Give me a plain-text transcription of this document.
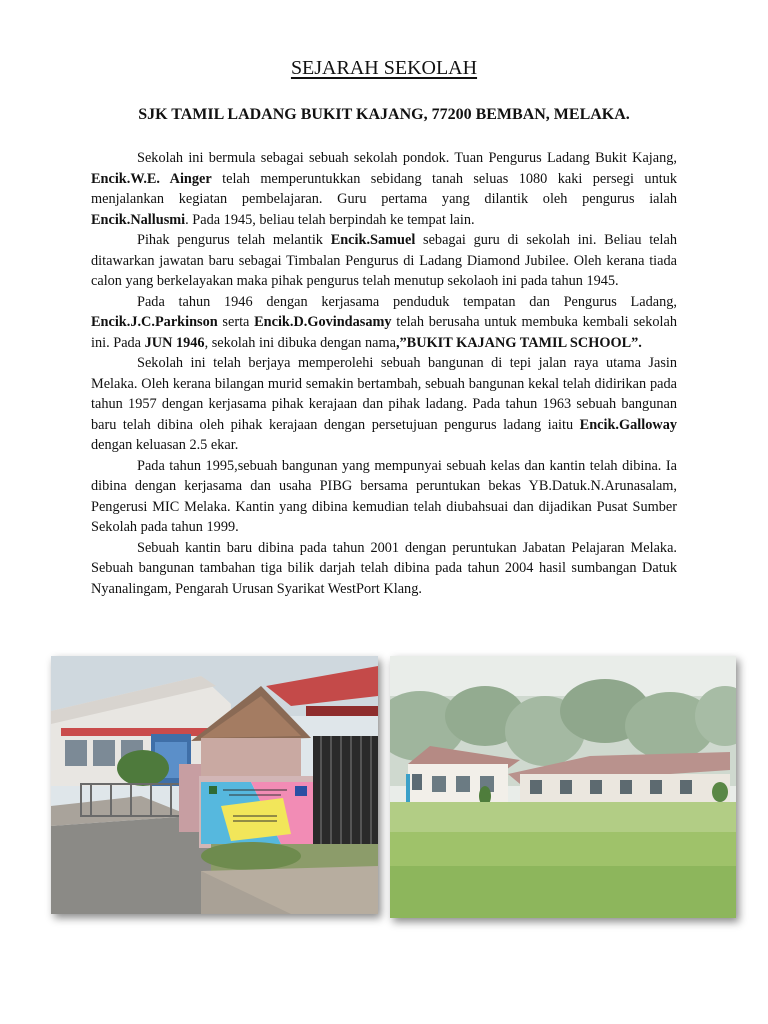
SEJARAH SEKOLAH
SJK TAMIL LADANG BUKIT KAJANG, 77200 BEMBAN, MELAKA.

Sekolah ini bermula sebagai sebuah sekolah pondok. Tuan Pengurus Ladang Bukit Kajang, Encik.W.E. Ainger telah memperuntukkan sebidang tanah seluas 1080 kaki persegi untuk menjalankan kegiatan pembelajaran. Guru pertama yang dilantik oleh pengurus ialah Encik.Nallusmi. Pada 1945, beliau telah berpindah ke tempat lain.

Pihak pengurus telah melantik Encik.Samuel sebagai guru di sekolah ini. Beliau telah ditawarkan jawatan baru sebagai Timbalan Pengurus di Ladang Diamond Jubilee. Oleh kerana tiada calon yang berkelayakan maka pihak pengurus telah menutup sekolaoh ini pada tahun 1945.

Pada tahun 1946 dengan kerjasama penduduk tempatan dan Pengurus Ladang, Encik.J.C.Parkinson serta Encik.D.Govindasamy telah berusaha untuk membuka kembali sekolah ini. Pada JUN 1946, sekolah ini dibuka dengan nama,”BUKIT KAJANG TAMIL SCHOOL”.

Sekolah ini telah berjaya memperolehi sebuah bangunan di tepi jalan raya utama Jasin Melaka. Oleh kerana bilangan murid semakin bertambah, sebuah bangunan kekal telah didirikan pada tahun 1957 dengan kerjasama pihak kerajaan dan pihak ladang. Pada tahun 1963 sebuah bangunan baru telah dibina oleh pihak kerajaan dengan persetujuan pengurus ladang iaitu Encik.Galloway dengan keluasan 2.5 ekar.

Pada tahun 1995,sebuah bangunan yang mempunyai sebuah kelas dan kantin telah dibina. Ia dibina dengan kerjasama dan usaha PIBG bersama peruntukan bekas YB.Datuk.N.Arunasalam, Pengerusi MIC Melaka. Kantin yang dibina kemudian telah diubahsuai dan dijadikan Pusat Sumber Sekolah pada tahun 1999.

Sebuah kantin baru dibina pada tahun 2001 dengan peruntukan Jabatan Pelajaran Melaka. Sebuah bangunan tambahan tiga bilik darjah telah dibina pada tahun 2004 hasil sumbangan Datuk Nyanalingam, Pengarah Urusan Syarikat WestPort Klang.
